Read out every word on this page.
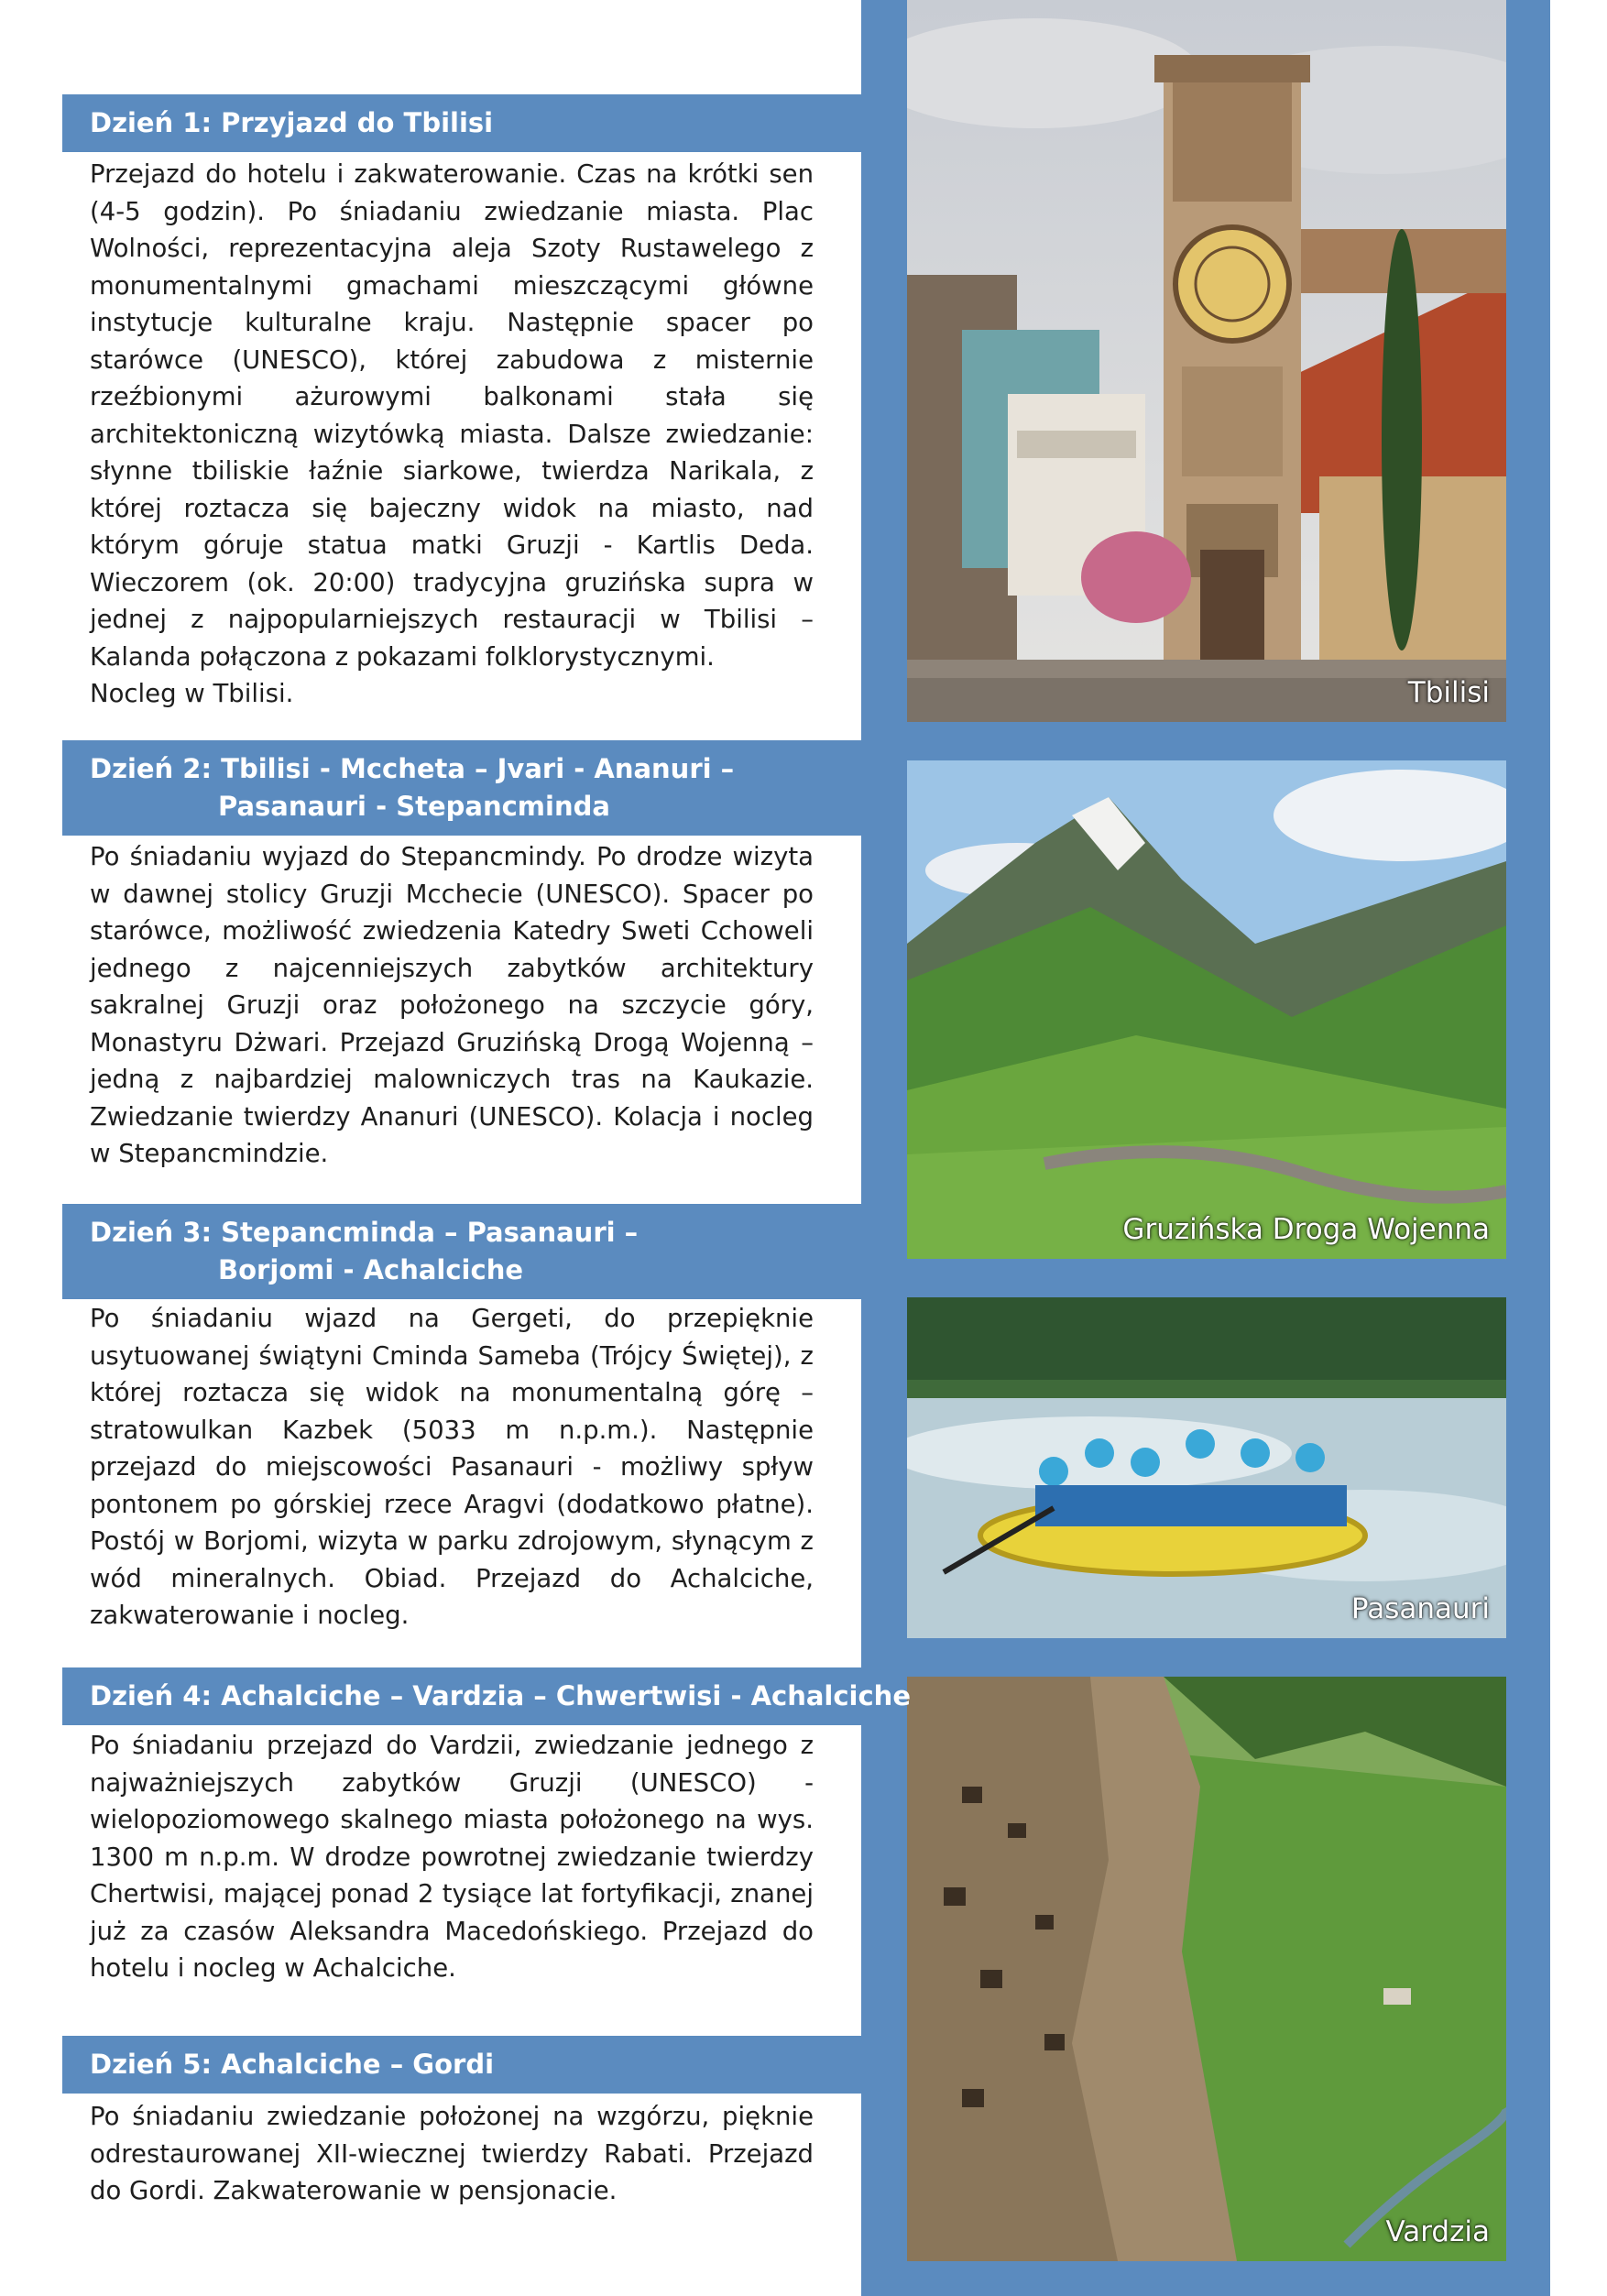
Tbilisi
Gruzińska Droga Wojenna
Pasanauri
Vardzia
Dzień 1: Przyjazd do Tbilisi

Przejazd do hotelu i zakwaterowanie. Czas na krótki sen (4-5 godzin). Po śniadaniu zwiedzanie miasta. Plac Wolności, reprezentacyjna aleja Szoty Rustawelego z monumentalnymi gmachami mieszczącymi główne instytucje kulturalne kraju. Następnie spacer po starówce (UNESCO), której zabudowa z misternie rzeźbionymi ażurowymi balkonami stała się architektoniczną wizytówką miasta. Dalsze zwiedzanie: słynne tbiliskie łaźnie siarkowe, twierdza Narikala, z której roztacza się bajeczny widok na miasto, nad którym góruje statua matki Gruzji - Kartlis Deda. Wieczorem (ok. 20:00) tradycyjna gruzińska supra w jednej z najpopularniejszych restauracji w Tbilisi – Kalanda połączona z pokazami folklorystycznymi.
Nocleg w Tbilisi.

Dzień 2: Tbilisi - Mccheta – Jvari - Ananuri –
Pasanauri - Stepancminda

Po śniadaniu wyjazd do Stepancmindy. Po drodze wizyta w dawnej stolicy Gruzji Mcchecie (UNESCO). Spacer po starówce, możliwość zwiedzenia Katedry Sweti Cchoweli jednego z najcenniejszych zabytków architektury sakralnej Gruzji oraz położonego na szczycie góry, Monastyru Dżwari. Przejazd Gruzińską Drogą Wojenną – jedną z najbardziej malowniczych tras na Kaukazie. Zwiedzanie twierdzy Ananuri (UNESCO). Kolacja i nocleg w Stepancmindzie.

Dzień 3: Stepancminda – Pasanauri –
Borjomi - Achalciche

Po śniadaniu wjazd na Gergeti, do przepięknie usytuowanej świątyni Cminda Sameba (Trójcy Świętej), z której roztacza się widok na monumentalną górę – stratowulkan Kazbek (5033 m n.p.m.). Następnie przejazd do miejscowości Pasanauri - możliwy spływ pontonem po górskiej rzece Aragvi (dodatkowo płatne). Postój w Borjomi, wizyta w parku zdrojowym, słynącym z wód mineralnych. Obiad. Przejazd do Achalciche, zakwaterowanie i nocleg.

Dzień 4: Achalciche – Vardzia – Chwertwisi - Achalciche

Po śniadaniu przejazd do Vardzii, zwiedzanie jednego z najważniejszych zabytków Gruzji (UNESCO) - wielopoziomowego skalnego miasta położonego na wys. 1300 m n.p.m. W drodze powrotnej zwiedzanie twierdzy Chertwisi, mającej ponad 2 tysiące lat fortyfikacji, znanej już za czasów Aleksandra Macedońskiego. Przejazd do hotelu i nocleg w Achalciche.

Dzień 5: Achalciche – Gordi

Po śniadaniu zwiedzanie położonej na wzgórzu, pięknie odrestaurowanej XII-wiecznej twierdzy Rabati. Przejazd do Gordi. Zakwaterowanie w pensjonacie.
